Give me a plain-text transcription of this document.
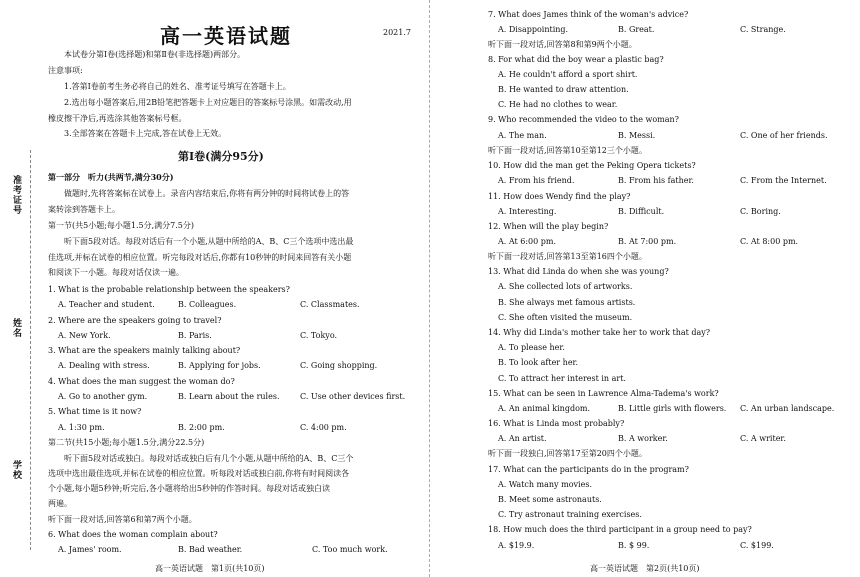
准考证号
姓名
学校
高一英语试题	2021.7
本试卷分第Ⅰ卷(选择题)和第Ⅱ卷(非选择题)两部分。
注意事项:
1.答第Ⅰ卷前考生务必将自己的姓名、准考证号填写在答题卡上。
2.选出每小题答案后,用2B铅笔把答题卡上对应题目的答案标号涂黑。如需改动,用
橡皮擦干净后,再选涂其他答案标号框。
3.全部答案在答题卡上完成,答在试卷上无效。
第Ⅰ卷(满分95分)
第一部分　听力(共两节,满分30分)
做题时,先将答案标在试卷上。录音内容结束后,你将有两分钟的时间将试卷上的答
案转涂到答题卡上。
第一节(共5小题;每小题1.5分,满分7.5分)
听下面5段对话。每段对话后有一个小题,从题中所给的A、B、C三个选项中选出最
佳选项,并标在试卷的相应位置。听完每段对话后,你都有10秒钟的时间来回答有关小题
和阅读下一小题。每段对话仅读一遍。
1. What is the probable relationship between the speakers?
A. Teacher and student.	B. Colleagues.	C. Classmates.
2. Where are the speakers going to travel?
A. New York.	B. Paris.	C. Tokyo.
3. What are the speakers mainly talking about?
A. Dealing with stress.	B. Applying for jobs.	C. Going shopping.
4. What does the man suggest the woman do?
A. Go to another gym.	B. Learn about the rules.	C. Use other devices first.
5. What time is it now?
A. 1:30 pm.	B. 2:00 pm.	C. 4:00 pm.
第二节(共15小题;每小题1.5分,满分22.5分)
听下面5段对话或独白。每段对话或独白后有几个小题,从题中所给的A、B、C三个
选项中选出最佳选项,并标在试卷的相应位置。听每段对话或独白前,你将有时间阅读各
个小题,每小题5秒钟;听完后,各小题将给出5秒钟的作答时间。每段对话或独白读
两遍。
听下面一段对话,回答第6和第7两个小题。
6. What does the woman complain about?
A. James' room.	B. Bad weather.	C. Too much work.
高一英语试题　第1页(共10页)
7. What does James think of the woman's advice?
A. Disappointing.	B. Great.	C. Strange.
听下面一段对话,回答第8和第9两个小题。
8. For what did the boy wear a plastic bag?
A. He couldn't afford a sport shirt.
B. He wanted to draw attention.
C. He had no clothes to wear.
9. Who recommended the video to the woman?
A. The man.	B. Messi.	C. One of her friends.
听下面一段对话,回答第10至第12三个小题。
10. How did the man get the Peking Opera tickets?
A. From his friend.	B. From his father.	C. From the Internet.
11. How does Wendy find the play?
A. Interesting.	B. Difficult.	C. Boring.
12. When will the play begin?
A. At 6:00 pm.	B. At 7:00 pm.	C. At 8:00 pm.
听下面一段对话,回答第13至第16四个小题。
13. What did Linda do when she was young?
A. She collected lots of artworks.
B. She always met famous artists.
C. She often visited the museum.
14. Why did Linda's mother take her to work that day?
A. To please her.
B. To look after her.
C. To attract her interest in art.
15. What can be seen in Lawrence Alma-Tadema's work?
A. An animal kingdom.	B. Little girls with flowers. C. An urban landscape.
16. What is Linda most probably?
A. An artist.	B. A worker.	C. A writer.
听下面一段独白,回答第17至第20四个小题。
17. What can the participants do in the program?
A. Watch many movies.
B. Meet some astronauts.
C. Try astronaut training exercises.
18. How much does the third participant in a group need to pay?
A. $19.9.	B. $ 99.	C. $199.
高一英语试题　第2页(共10页)
